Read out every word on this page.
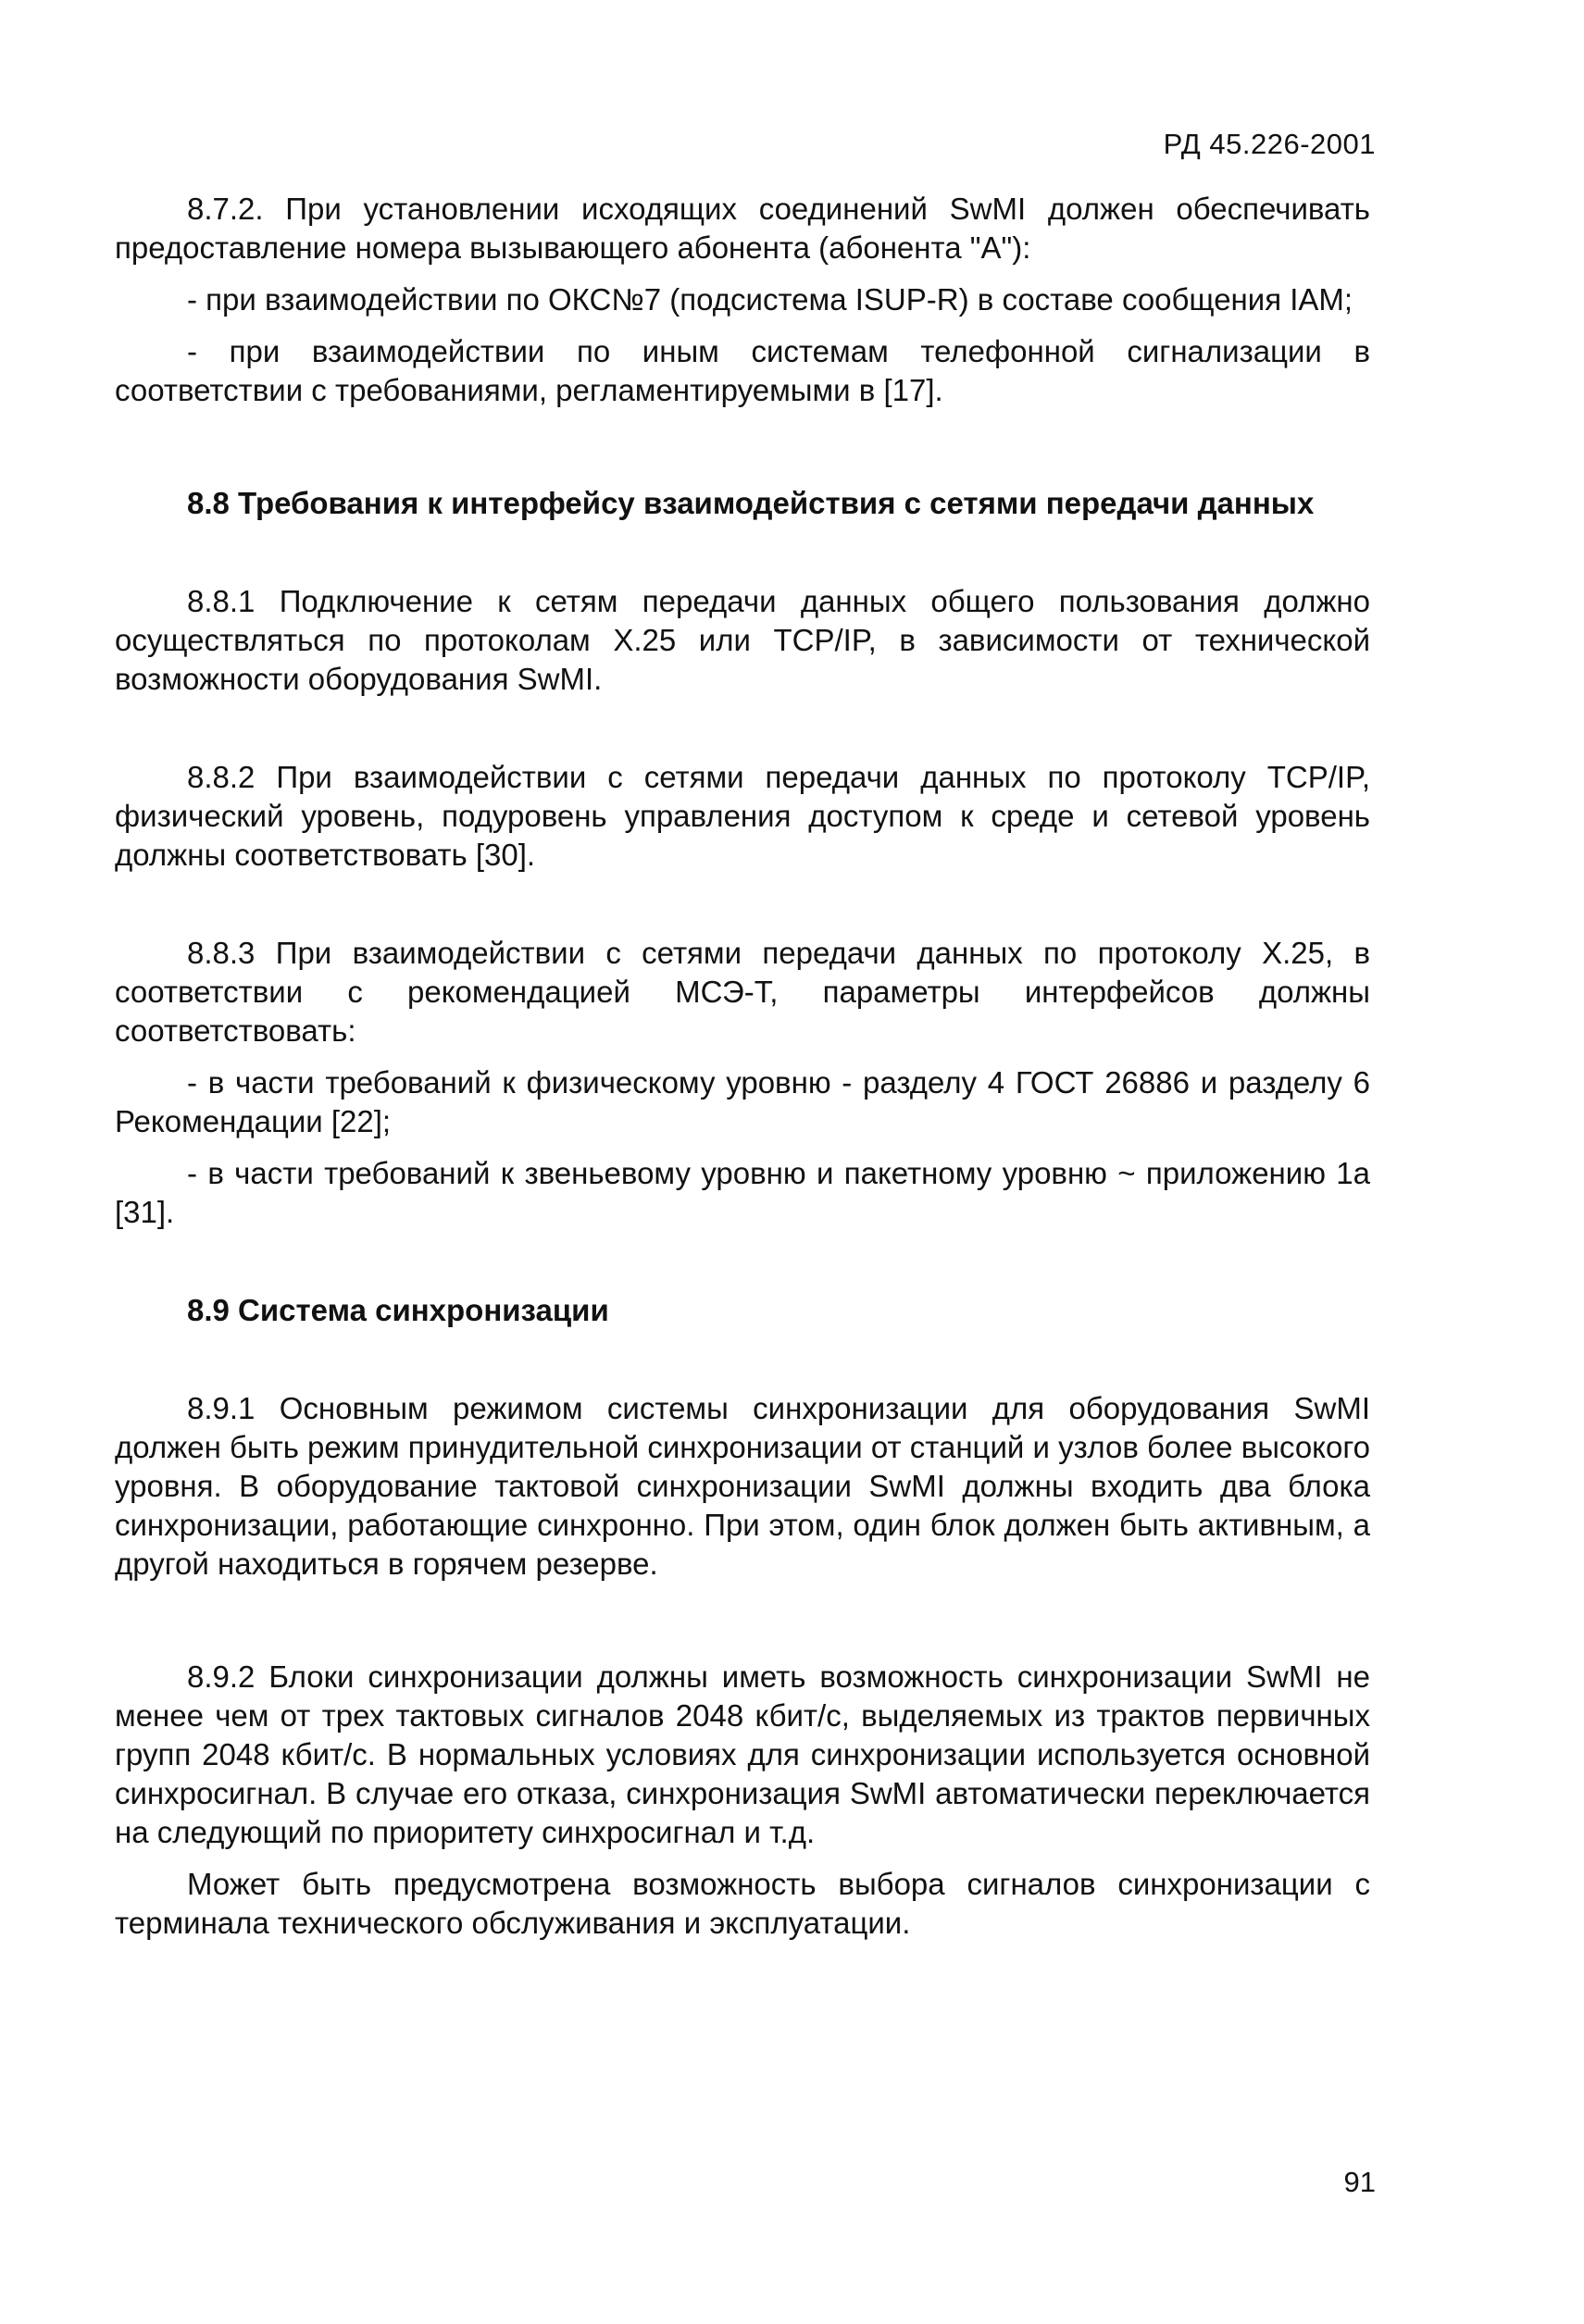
РД 45.226-2001

8.7.2. При установлении исходящих соединений SwMI должен обеспечивать предоставление номера вызывающего абонента (абонента "А"):

- при взаимодействии по ОКС№7 (подсистема ISUP-R) в составе сообщения IAM;

- при взаимодействии по иным системам телефонной сигнализации в соответствии с требованиями, регламентируемыми в [17].

8.8 Требования к интерфейсу взаимодействия с сетями передачи данных

8.8.1 Подключение к сетям передачи данных общего пользования должно осуществляться по протоколам Х.25 или TCP/IP, в зависимости от технической возможности оборудования SwMI.

8.8.2 При взаимодействии с сетями передачи данных по протоколу TCP/IP, физический уровень, подуровень управления доступом к среде и сетевой уровень должны соответствовать [30].

8.8.3 При взаимодействии с сетями передачи данных по протоколу Х.25, в соответствии с рекомендацией МСЭ-Т, параметры интерфейсов должны соответствовать:

- в части требований к физическому уровню - разделу 4 ГОСТ 26886 и разделу 6 Рекомендации [22];

- в части требований к звеньевому уровню и пакетному уровню ~ приложению 1а [31].

8.9 Система синхронизации

8.9.1 Основным режимом системы синхронизации для оборудования SwMI должен быть режим принудительной синхронизации от станций и узлов более высокого уровня. В оборудование тактовой синхронизации SwMI должны входить два блока синхронизации, работающие синхронно. При этом, один блок должен быть активным, а другой находиться в горячем резерве.

8.9.2 Блоки синхронизации должны иметь возможность синхронизации SwMI не менее чем от трех тактовых сигналов 2048 кбит/с, выделяемых из трактов первичных групп 2048 кбит/с. В нормальных условиях для синхронизации используется основной синхросигнал. В случае его отказа, синхронизация SwMI автоматически переключается на следующий по приоритету синхросигнал и т.д.

Может быть предусмотрена возможность выбора сигналов синхронизации с терминала технического обслуживания и эксплуатации.

91
